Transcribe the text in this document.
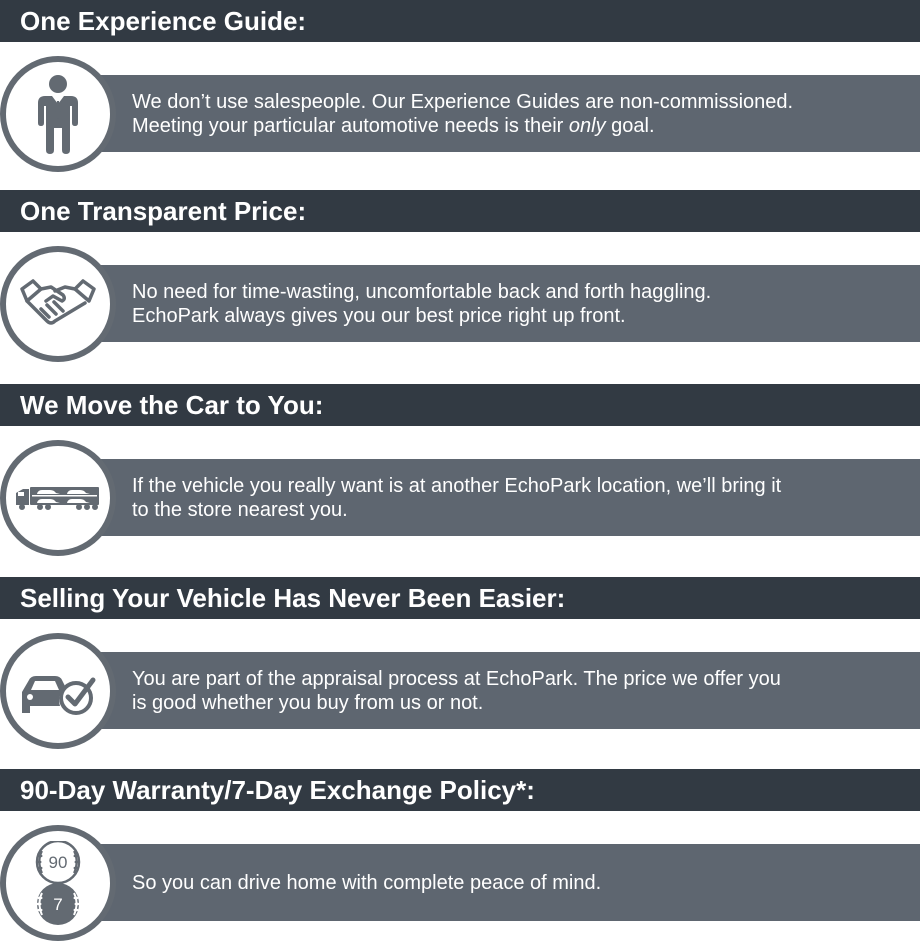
One Experience Guide:
We don’t use salespeople. Our Experience Guides are non-commissioned.
Meeting your particular automotive needs is their only goal.
One Transparent Price:
No need for time-wasting, uncomfortable back and forth haggling.
EchoPark always gives you our best price right up front.
We Move the Car to You:
If the vehicle you really want is at another EchoPark location, we’ll bring it
to the store nearest you.
Selling Your Vehicle Has Never Been Easier:
You are part of the appraisal process at EchoPark. The price we offer you
is good whether you buy from us or not.
90-Day Warranty/7-Day Exchange Policy*:
So you can drive home with complete peace of mind.
90
7
